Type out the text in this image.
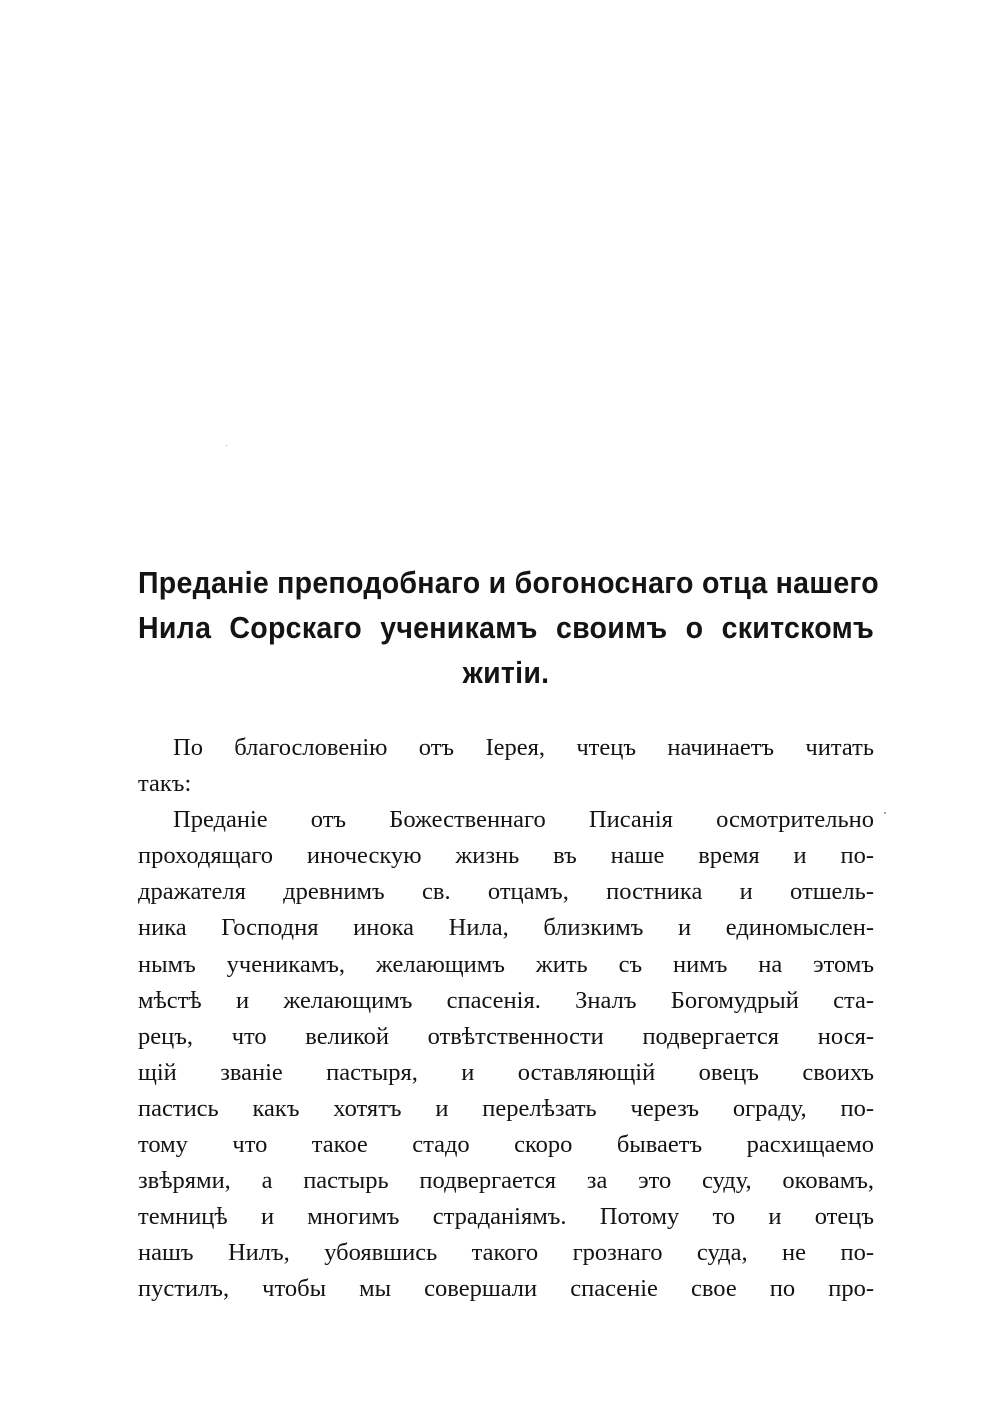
Преданіе преподобнаго и богоноснаго отца нашего
Нила Сорскаго ученикамъ своимъ о скитскомъ
житіи.
По благословенію отъ Іерея, чтецъ начинаетъ читать
такъ:
Преданіе отъ Божественнаго Писанія осмотрительно
проходящаго иноческую жизнь въ наше время и по-
дражателя древнимъ св. отцамъ, постника и отшель-
ника Господня инока Нила, близкимъ и единомыслен-
нымъ ученикамъ, желающимъ жить съ нимъ на этомъ
мѣстѣ и желающимъ спасенія. Зналъ Богомудрый ста-
рецъ, что великой отвѣтственности подвергается нося-
щій званіе пастыря, и оставляющій овецъ своихъ
пастись какъ хотятъ и перелѣзать черезъ ограду, по-
тому что такое стадо скоро бываетъ расхищаемо
звѣрями, а пастырь подвергается за это суду, оковамъ,
темницѣ и многимъ страданіямъ. Потому то и отецъ
нашъ Нилъ, убоявшись такого грознаго суда, не по-
пустилъ, чтобы мы совершали спасеніе свое по про-
